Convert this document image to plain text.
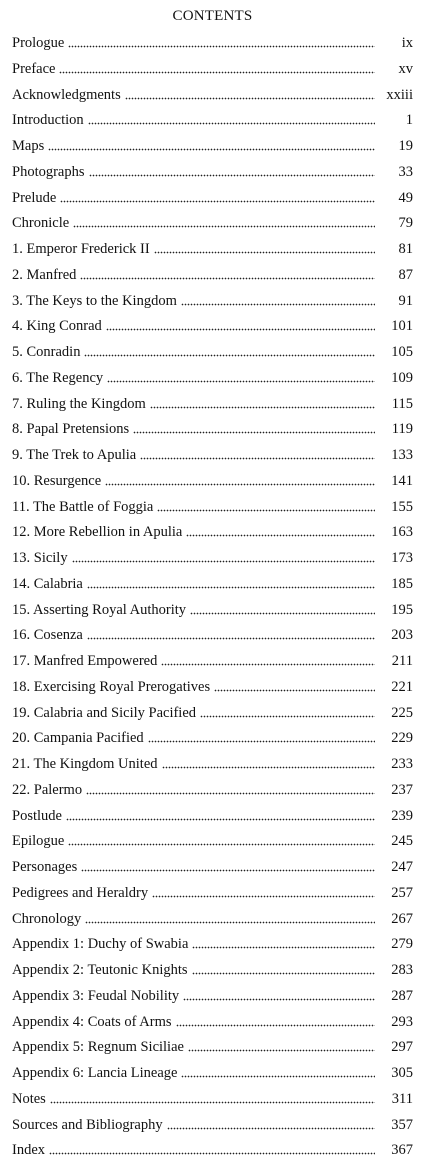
CONTENTS
Prologue	ix
Preface	xv
Acknowledgments	xxiii
Introduction	1
Maps	19
Photographs	33
Prelude	49
Chronicle	79
1. Emperor Frederick II	81
2. Manfred	87
3. The Keys to the Kingdom	91
4. King Conrad	101
5. Conradin	105
6. The Regency	109
7. Ruling the Kingdom	115
8. Papal Pretensions	119
9. The Trek to Apulia	133
10. Resurgence	141
11. The Battle of Foggia	155
12. More Rebellion in Apulia	163
13. Sicily	173
14. Calabria	185
15. Asserting Royal Authority	195
16. Cosenza	203
17. Manfred Empowered	211
18. Exercising Royal Prerogatives	221
19. Calabria and Sicily Pacified	225
20. Campania Pacified	229
21. The Kingdom United	233
22. Palermo	237
Postlude	239
Epilogue	245
Personages	247
Pedigrees and Heraldry	257
Chronology	267
Appendix 1: Duchy of Swabia	279
Appendix 2: Teutonic Knights	283
Appendix 3: Feudal Nobility	287
Appendix 4: Coats of Arms	293
Appendix 5: Regnum Siciliae	297
Appendix 6: Lancia Lineage	305
Notes	311
Sources and Bibliography	357
Index	367
